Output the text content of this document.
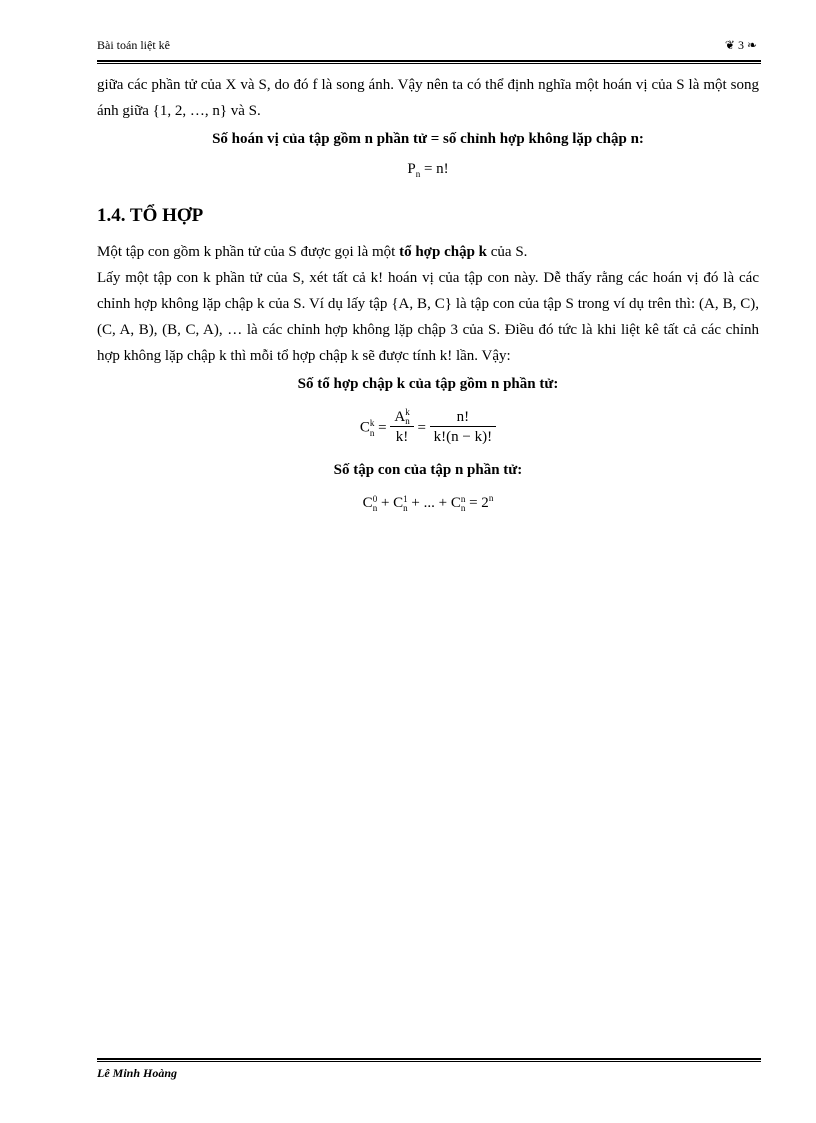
Bài toán liệt kê	❦ 3 ❧

giữa các phần tử của X và S, do đó f là song ánh. Vậy nên ta có thể định nghĩa một hoán vị của S là một song ánh giữa {1, 2, …, n} và S.

Số hoán vị của tập gồm n phần tử = số chỉnh hợp không lặp chập n:

$P_n = n$!

1.4. TỔ HỢP

Một tập con gồm k phần tử của S được gọi là một tổ hợp chập k của S.

Lấy một tập con k phần tử của S, xét tất cả k! hoán vị của tập con này. Dễ thấy rằng các hoán vị đó là các chỉnh hợp không lặp chập k của S. Ví dụ lấy tập {A, B, C} là tập con của tập S trong ví dụ trên thì: (A, B, C), (C, A, B), (B, C, A), … là các chỉnh hợp không lặp chập 3 của S. Điều đó tức là khi liệt kê tất cả các chỉnh hợp không lặp chập k thì mỗi tổ hợp chập k sẽ được tính k! lần. Vậy:

Số tổ hợp chập k của tập gồm n phần tử:

C k
n = A k
n
k! = $\frac{n!}{k!(n - k)!}$

Số tập con của tập n phần tử:

C 0
n + C 1
n + ... + C n
$n = 2^n$

Lê Minh Hoàng
